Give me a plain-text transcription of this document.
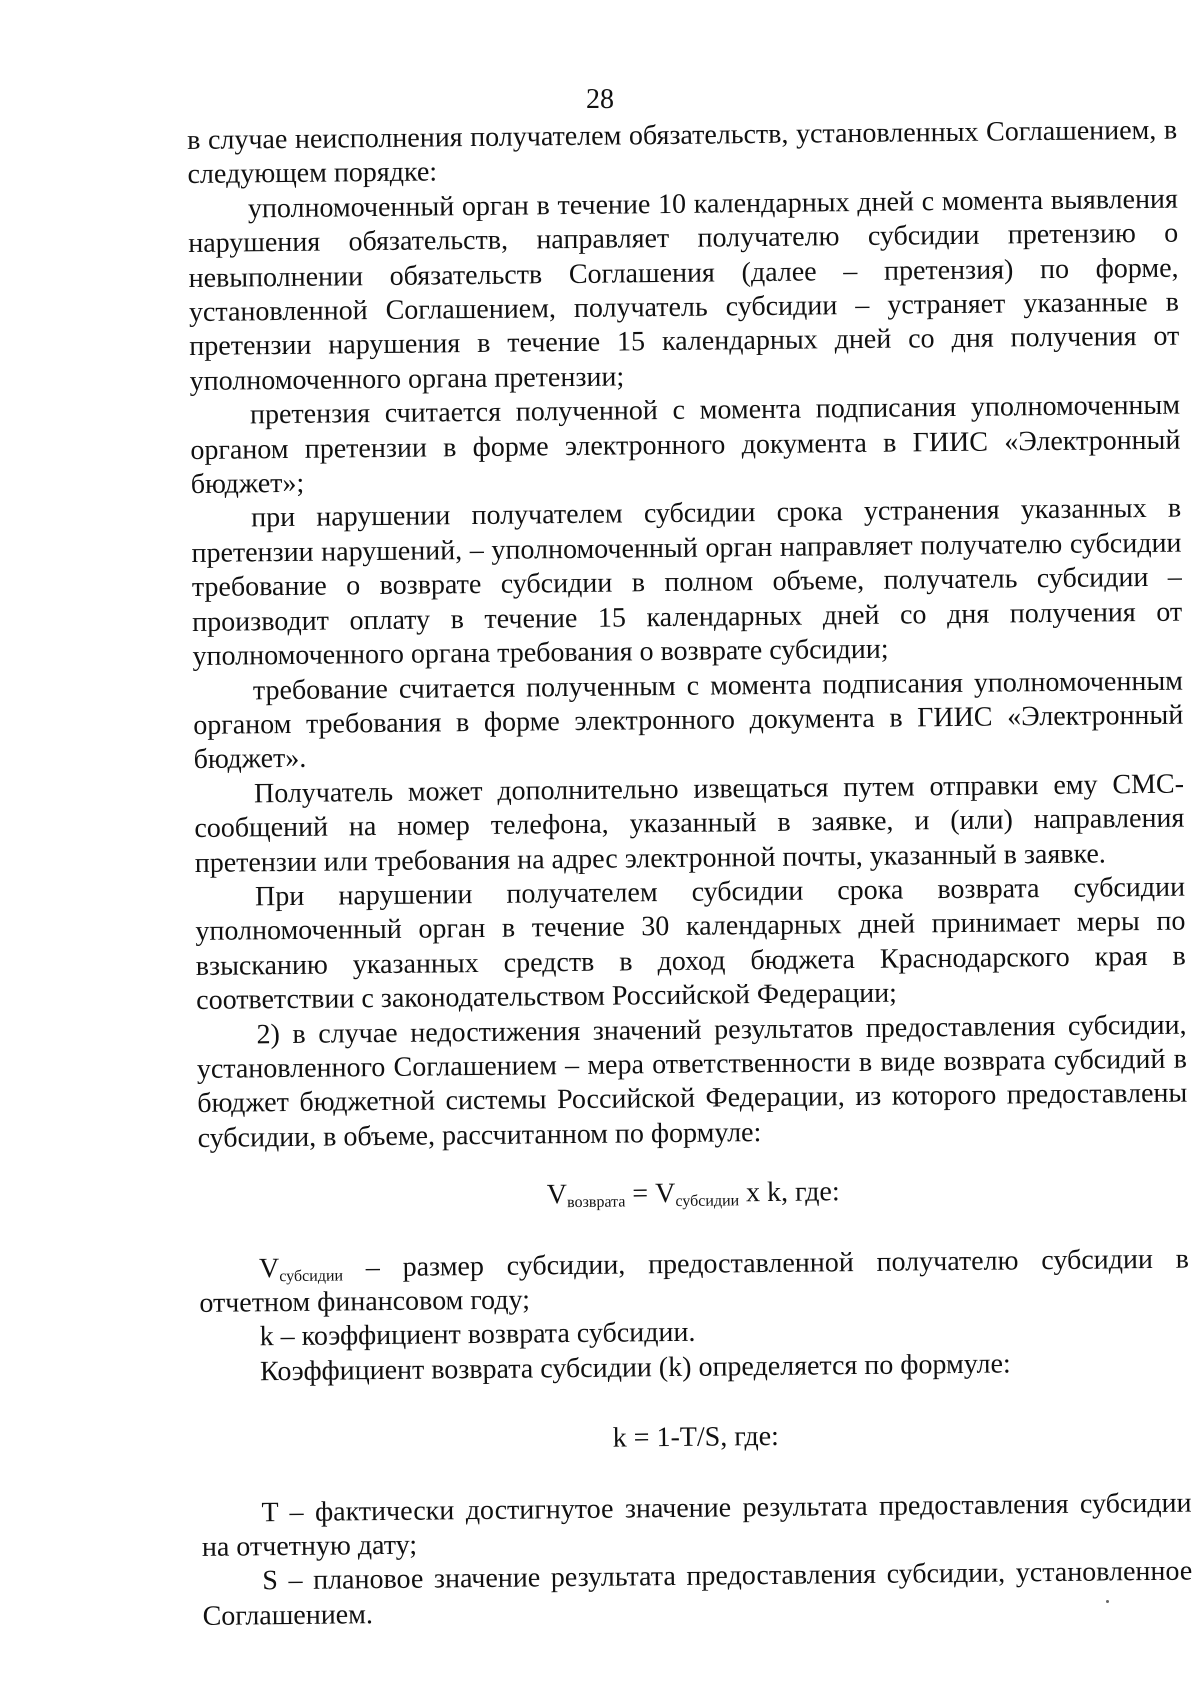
28

в случае неисполнения получателем обязательств, установленных Соглашением, в следующем порядке:

уполномоченный орган в течение 10 календарных дней с момента выявления нарушения обязательств, направляет получателю субсидии претензию о невыполнении обязательств Соглашения (далее – претензия) по форме, установленной Соглашением, получатель субсидии – устраняет указанные в претензии нарушения в течение 15 календарных дней со дня получения от уполномоченного органа претензии;

претензия считается полученной с момента подписания уполномоченным органом претензии в форме электронного документа в ГИИС «Электронный бюджет»;

при нарушении получателем субсидии срока устранения указанных в претензии нарушений, – уполномоченный орган направляет получателю субсидии требование о возврате субсидии в полном объеме, получатель субсидии – производит оплату в течение 15 календарных дней со дня получения от уполномоченного органа требования о возврате субсидии;

требование считается полученным с момента подписания уполномоченным органом требования в форме электронного документа в ГИИС «Электронный бюджет».

Получатель может дополнительно извещаться путем отправки ему СМС-сообщений на номер телефона, указанный в заявке, и (или) направления претензии или требования на адрес электронной почты, указанный в заявке.

При нарушении получателем субсидии срока возврата субсидии уполномоченный орган в течение 30 календарных дней принимает меры по взысканию указанных средств в доход бюджета Краснодарского края в соответствии с законодательством Российской Федерации;

2) в случае недостижения значений результатов предоставления субсидии, установленного Соглашением – мера ответственности в виде возврата субсидий в бюджет бюджетной системы Российской Федерации, из которого предоставлены субсидии, в объеме, рассчитанном по формуле:

$V_{возврата} = V_{субсидии}$ х k, где:

$V_{субсидии}$ – размер субсидии, предоставленной получателю субсидии в отчетном финансовом году;

k – коэффициент возврата субсидии.

Коэффициент возврата субсидии (k) определяется по формуле:

k = 1-T/S, где:

T – фактически достигнутое значение результата предоставления субсидии на отчетную дату;

S – плановое значение результата предоставления субсидии, установленное Соглашением.
